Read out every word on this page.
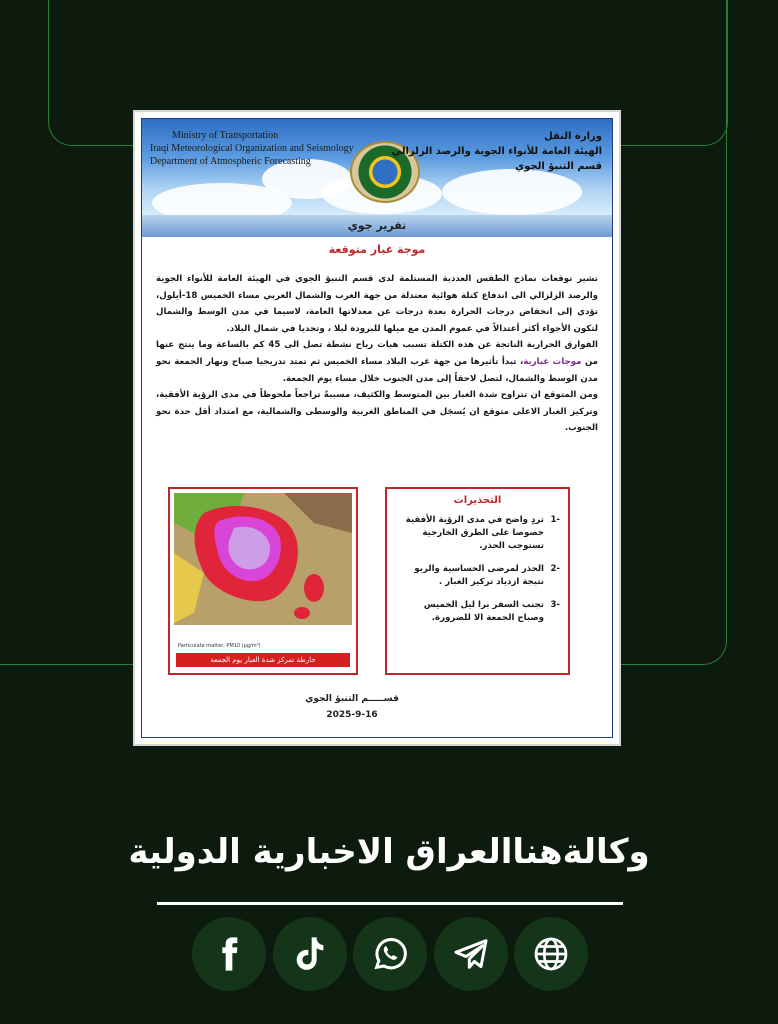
Ministry of Transportation
Iraqi Meteorological Organization and Seismology
Department of Atmospheric Forecasting
وزارة النقل
الهيئة العامة للأنواء الجوية والرصد الزلزالي
قسم التنبؤ الجوي
تقرير جوي
موجة غبار متوقعة
تشير توقعات نماذج الطقس العددية المستلمة لدى قسم التنبؤ الجوي في الهيئة العامة للأنواء الجوية والرصد الزلزالي الى اندفاع كتلة هوائية معتدلة من جهة الغرب والشمال الغربي مساء الخميس 18-أيلول، تؤدي إلى انخفاض درجات الحرارة بعدة درجات عن معدلاتها العامة، لاسيما في مدن الوسط والشمال لتكون الأجواء أكثر أعتدالاً في عموم المدن مع ميلها للبرودة ليلا ، وتحديا في شمال البلاد.
الفوارق الحرارية الناتجة عن هذه الكتلة تسبب هبات رياح نشطة تصل الى 45 كم بالساعة وما ينتج عنها من موجات غبارية، تبدأ تأثيرها من جهة غرب البلاد مساء الخميس ثم تمتد تدريجيا صباح ونهار الجمعة نحو مدن الوسط والشمال، لتصل لاحقاً إلى مدن الجنوب خلال مساء يوم الجمعة.
ومن المتوقع ان تتراوح شدة الغبار بين المتوسط والكثيف، مسببةً تراجعاً ملحوظاً في مدى الرؤية الأفقية، وتركيز الغبار الاعلى متوقع ان يُسجَل في المناطق الغربية والوسطى والشمالية، مع امتداد أقل حدة نحو الجنوب.
Particulate matter, PM10 (μg/m³)
خارطة تمركز شدة الغبار يوم الجمعة
التحذيرات
-1
تردٍ واضح في مدى الرؤية الأفقية خصوصا على الطرق الخارجية تستوجب الحذر.
-2
الحذر لمرضى الحساسية والربو نتيجة ازدياد تركيز الغبار .
-3
تجنب السفر برا ليل الخميس وصباح الجمعة الا للضرورة.
قســـــم التنبؤ الجوي
2025-9-16
وكالةهناالعراق الاخبارية الدولية
